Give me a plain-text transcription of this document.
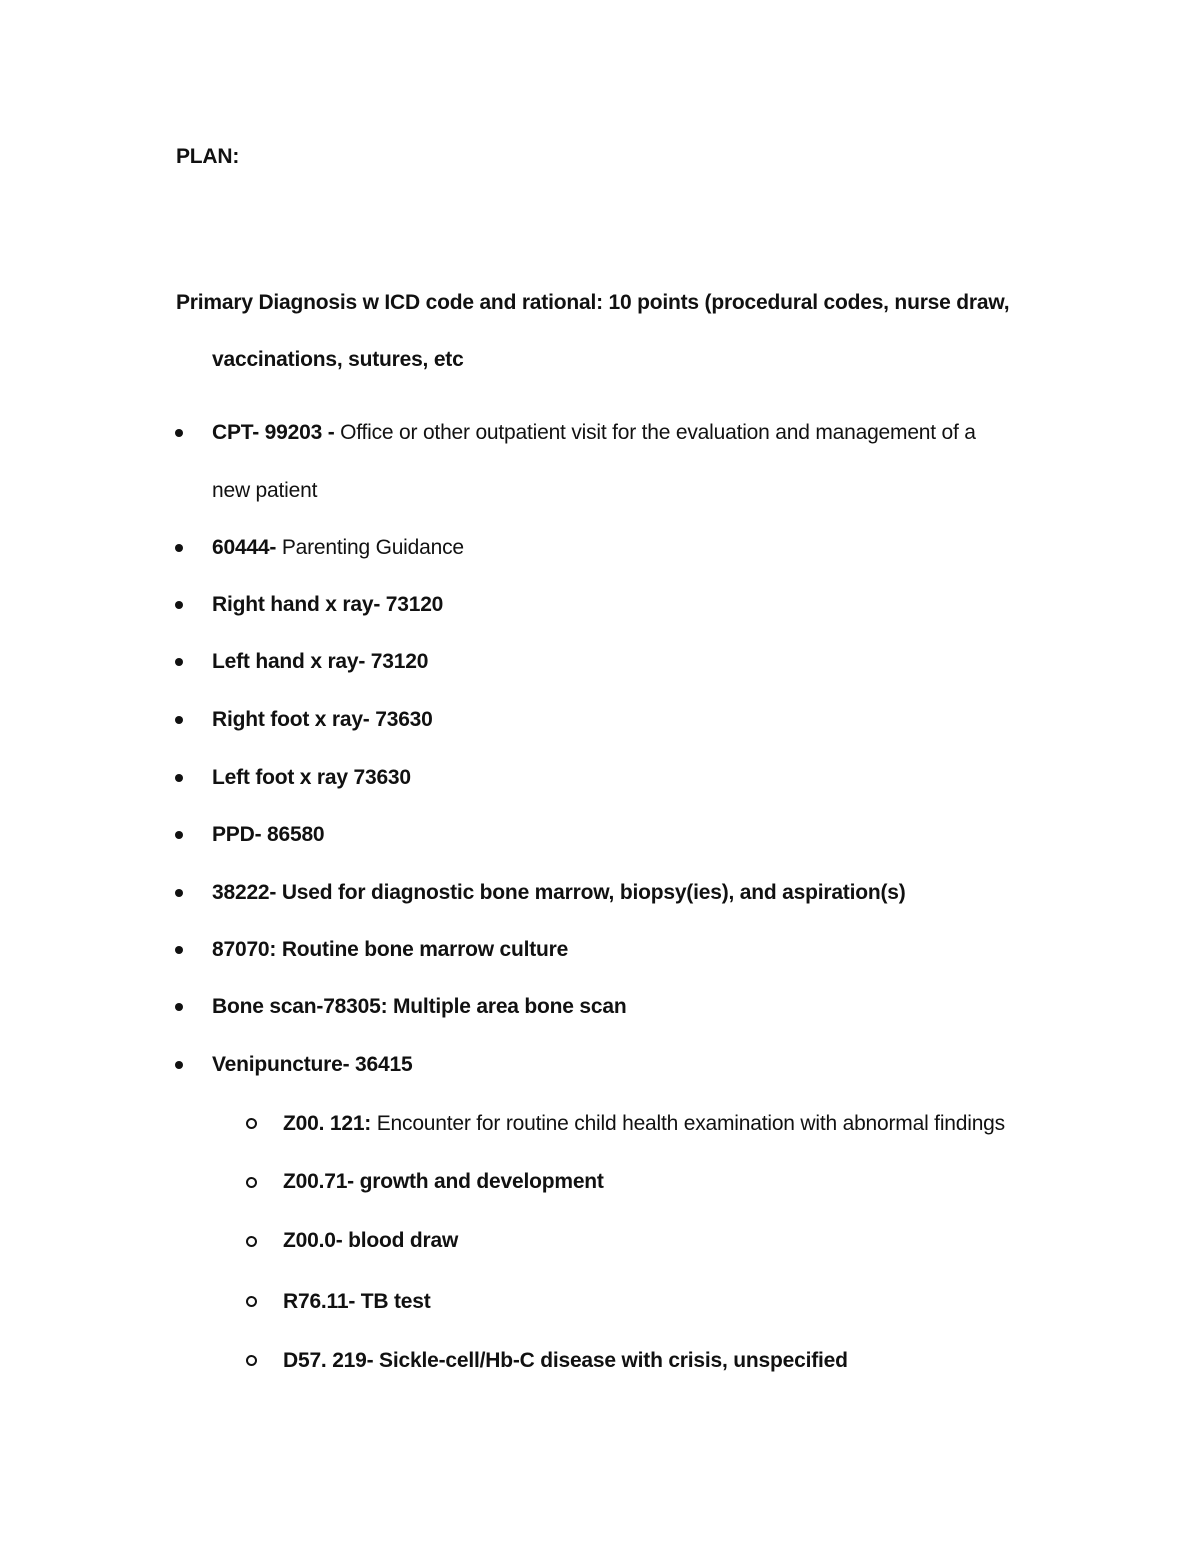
PLAN:
Primary Diagnosis w ICD code and rational: 10 points (procedural codes, nurse draw,
vaccinations, sutures, etc
CPT- 99203 - Office or other outpatient visit for the evaluation and management of a
new patient
60444- Parenting Guidance
Right hand x ray- 73120
Left hand x ray- 73120
Right foot x ray- 73630
Left foot x ray 73630
PPD- 86580
38222- Used for diagnostic bone marrow, biopsy(ies), and aspiration(s)
87070: Routine bone marrow culture
Bone scan-78305: Multiple area bone scan
Venipuncture- 36415
Z00. 121: Encounter for routine child health examination with abnormal findings
Z00.71- growth and development
Z00.0- blood draw
R76.11- TB test
D57. 219- Sickle-cell/Hb-C disease with crisis, unspecified
